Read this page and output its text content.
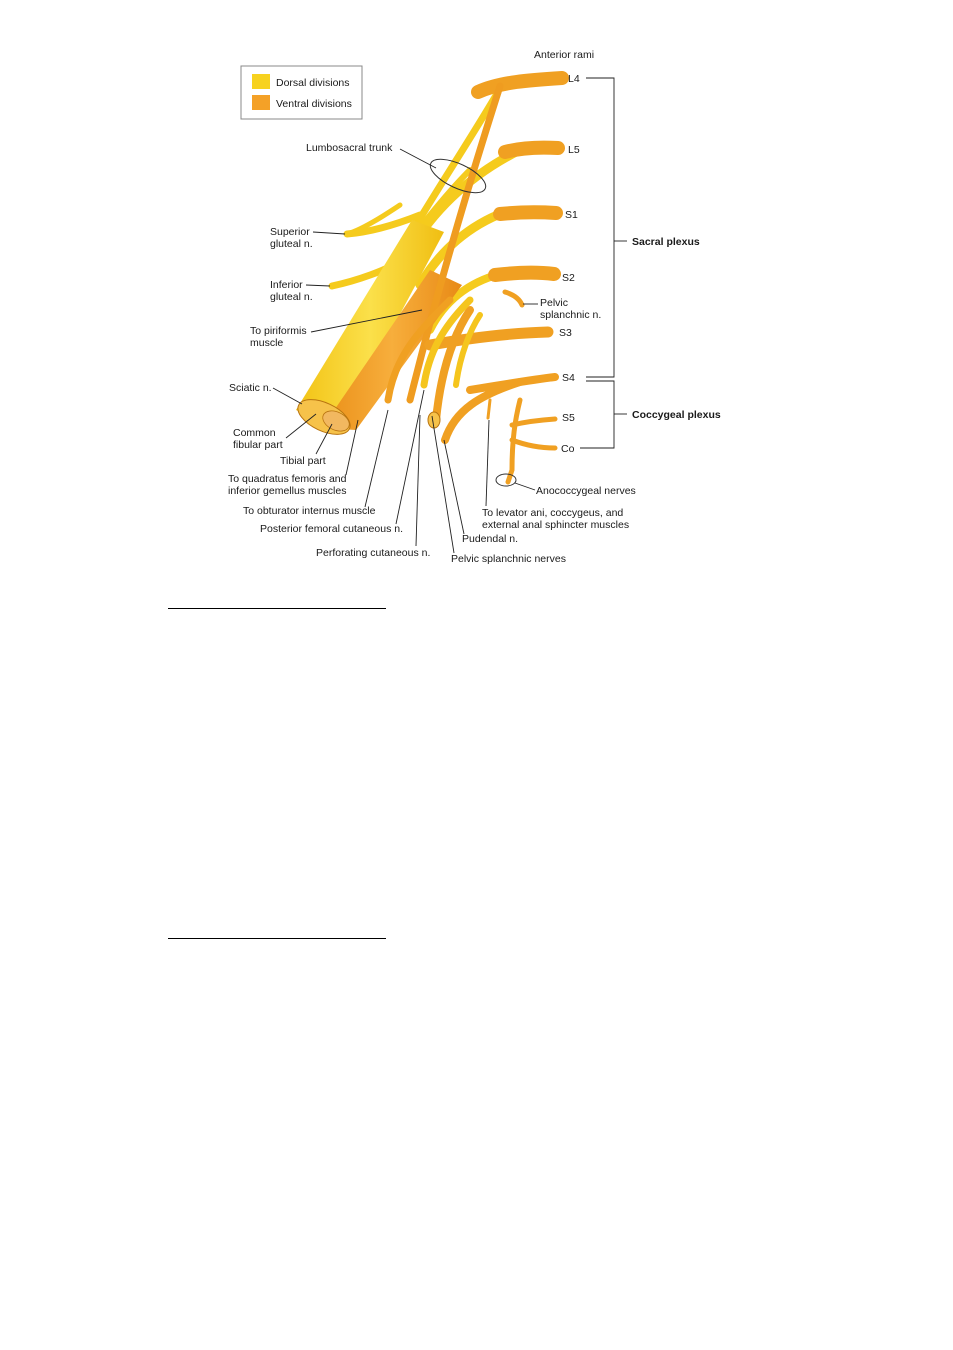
Dorsal divisions
Ventral divisions
Anterior rami
L4
L5
S1
S2
S3
S4
S5
Co
Sacral plexus
Coccygeal plexus
Lumbosacral trunk
Superior
gluteal n.
Inferior
gluteal n.
To piriformis
muscle
Sciatic n.
Common
fibular part
Tibial part
To quadratus femoris and
inferior gemellus muscles
To obturator internus muscle
Posterior femoral cutaneous n.
Perforating cutaneous n.
Pelvic
splanchnic n.
Anococcygeal nerves
To levator ani, coccygeus, and
external anal sphincter muscles
Pudendal n.
Pelvic splanchnic nerves
